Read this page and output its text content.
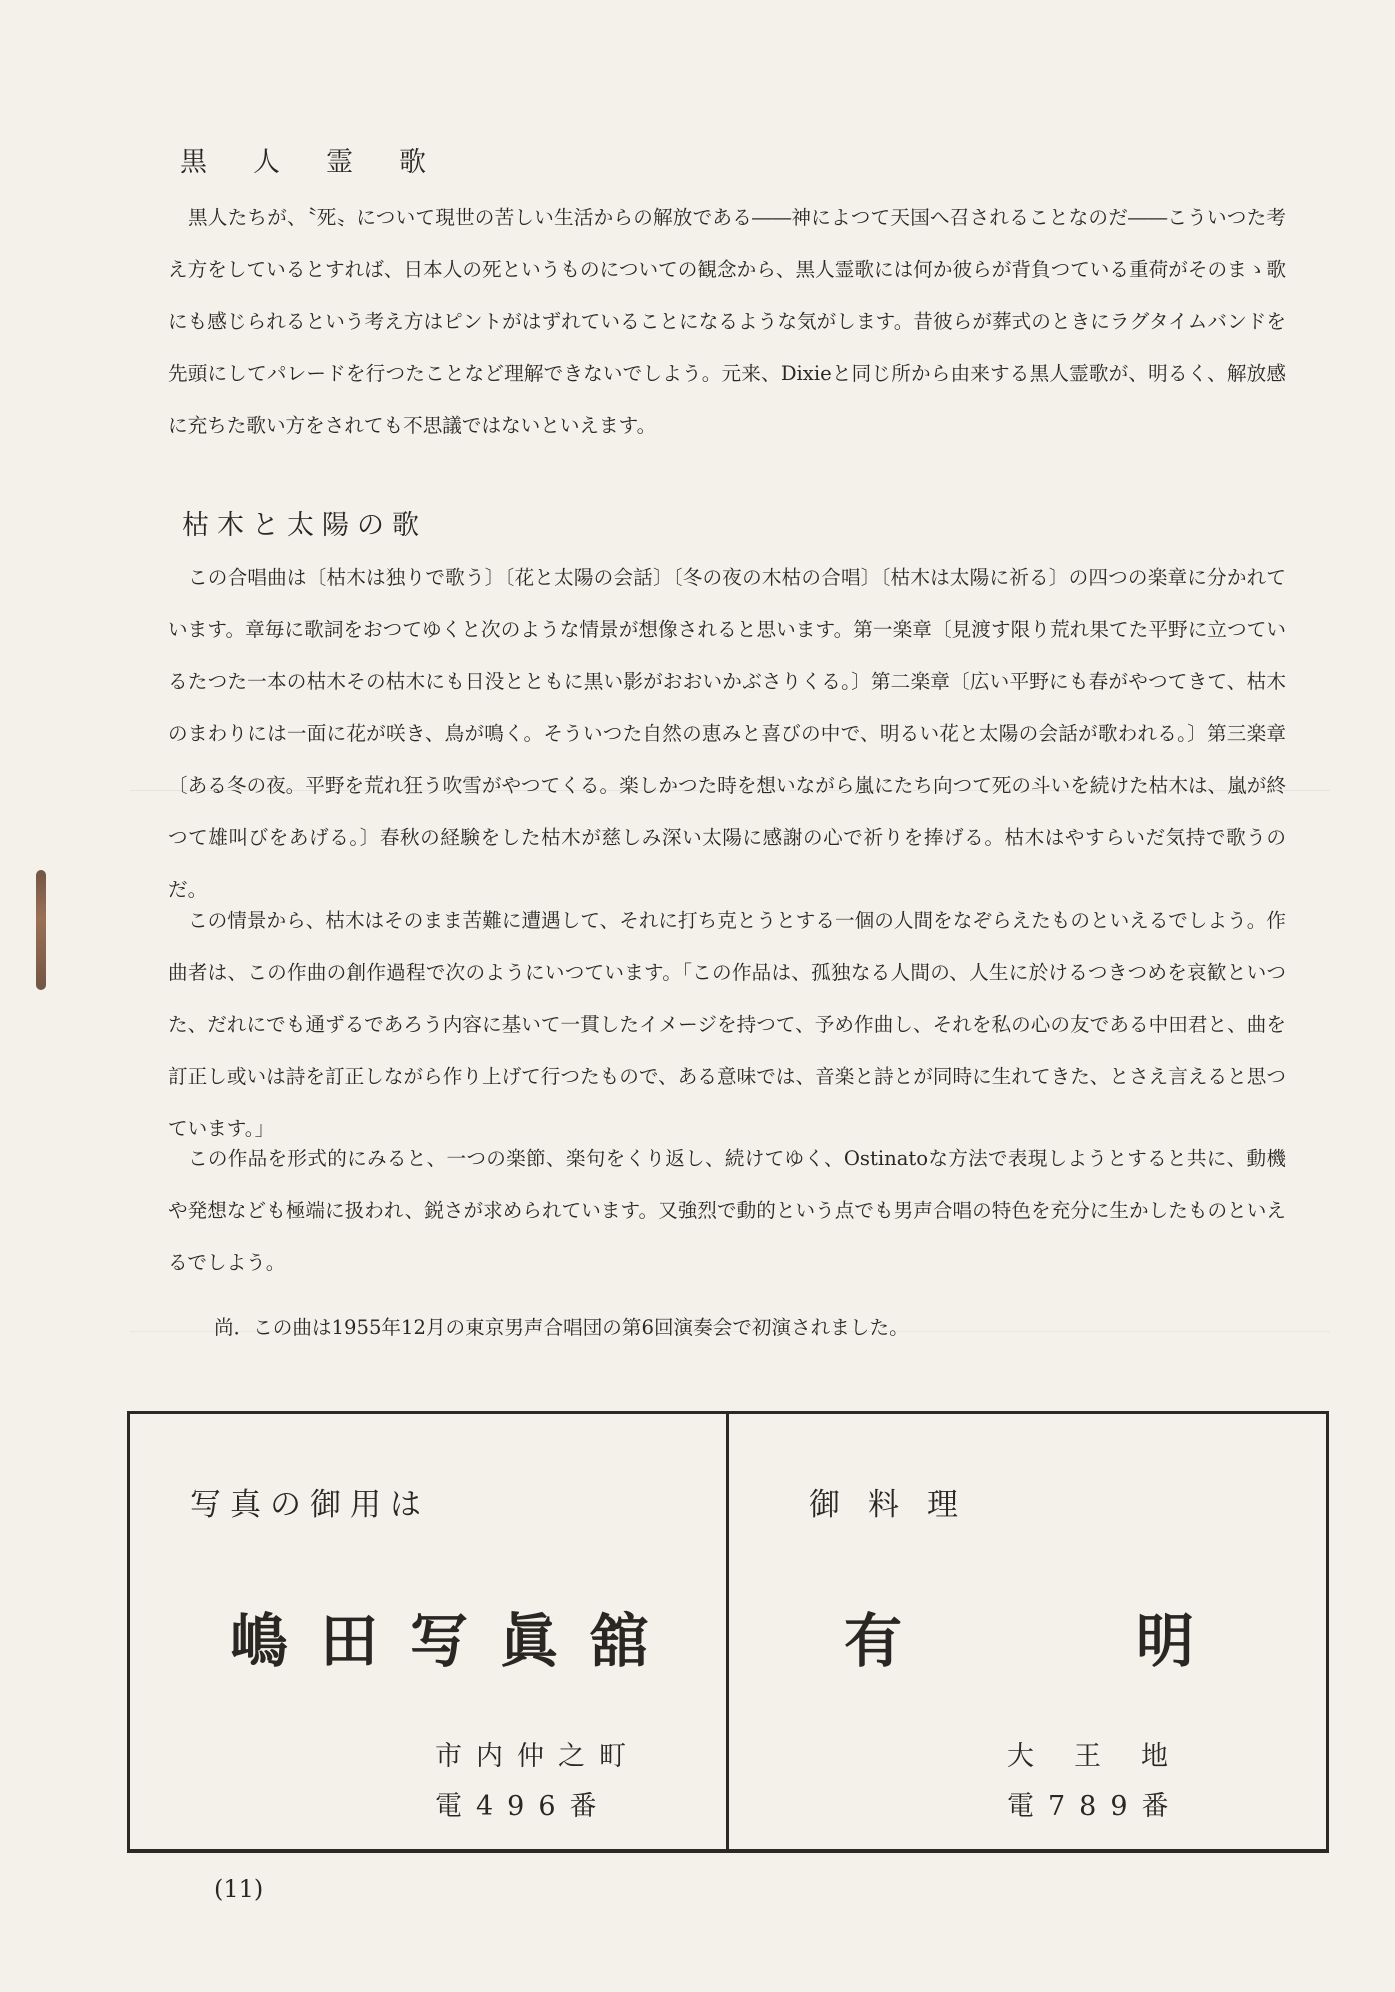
黒人霊歌

黒人たちが、〝死〟について現世の苦しい生活からの解放である――神によつて天国へ召されることなのだ――こういつた考え方をしているとすれば、日本人の死というものについての観念から、黒人霊歌には何か彼らが背負つている重荷がそのまゝ歌にも感じられるという考え方はピントがはずれていることになるような気がします。昔彼らが葬式のときにラグタイムバンドを先頭にしてパレードを行つたことなど理解できないでしよう。元来、Dixieと同じ所から由来する黒人霊歌が、明るく、解放感に充ちた歌い方をされても不思議ではないといえます。

枯木と太陽の歌

この合唱曲は〔枯木は独りで歌う〕〔花と太陽の会話〕〔冬の夜の木枯の合唱〕〔枯木は太陽に祈る〕の四つの楽章に分かれています。章毎に歌詞をおつてゆくと次のような情景が想像されると思います。第一楽章〔見渡す限り荒れ果てた平野に立つているたつた一本の枯木その枯木にも日没とともに黒い影がおおいかぶさりくる。〕第二楽章〔広い平野にも春がやつてきて、枯木のまわりには一面に花が咲き、鳥が鳴く。そういつた自然の恵みと喜びの中で、明るい花と太陽の会話が歌われる。〕第三楽章〔ある冬の夜。平野を荒れ狂う吹雪がやつてくる。楽しかつた時を想いながら嵐にたち向つて死の斗いを続けた枯木は、嵐が終つて雄叫びをあげる。〕春秋の経験をした枯木が慈しみ深い太陽に感謝の心で祈りを捧げる。枯木はやすらいだ気持で歌うのだ。

この情景から、枯木はそのまま苦難に遭遇して、それに打ち克とうとする一個の人間をなぞらえたものといえるでしよう。作曲者は、この作曲の創作過程で次のようにいつています。「この作品は、孤独なる人間の、人生に於けるつきつめを哀歓といつた、だれにでも通ずるであろう内容に基いて一貫したイメージを持つて、予め作曲し、それを私の心の友である中田君と、曲を訂正し或いは詩を訂正しながら作り上げて行つたもので、ある意味では、音楽と詩とが同時に生れてきた、とさえ言えると思つています。」

この作品を形式的にみると、一つの楽節、楽句をくり返し、続けてゆく、Ostinatoな方法で表現しようとすると共に、動機や発想なども極端に扱われ、鋭さが求められています。又強烈で動的という点でも男声合唱の特色を充分に生かしたものといえるでしよう。

尚．この曲は1955年12月の東京男声合唱団の第6回演奏会で初演されました。

写真の御用は

嶋田写眞舘

市内仲之町
電496番

御料理

有	明

大王地
電789番

(11)
